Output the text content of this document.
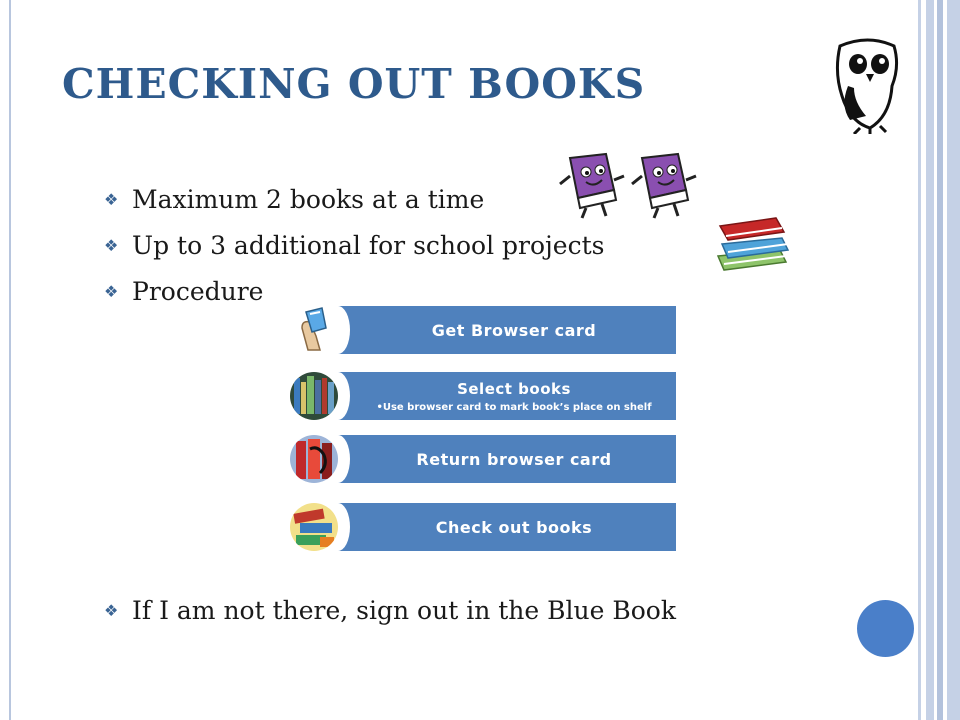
CHECKING OUT BOOKS
❖ Maximum 2 books at a time
❖ Up to 3 additional for school projects
❖ Procedure
Get Browser card
Select books
•Use browser card to mark book’s place on shelf
Return browser card
Check out books
❖ If I am not there, sign out in the Blue Book
